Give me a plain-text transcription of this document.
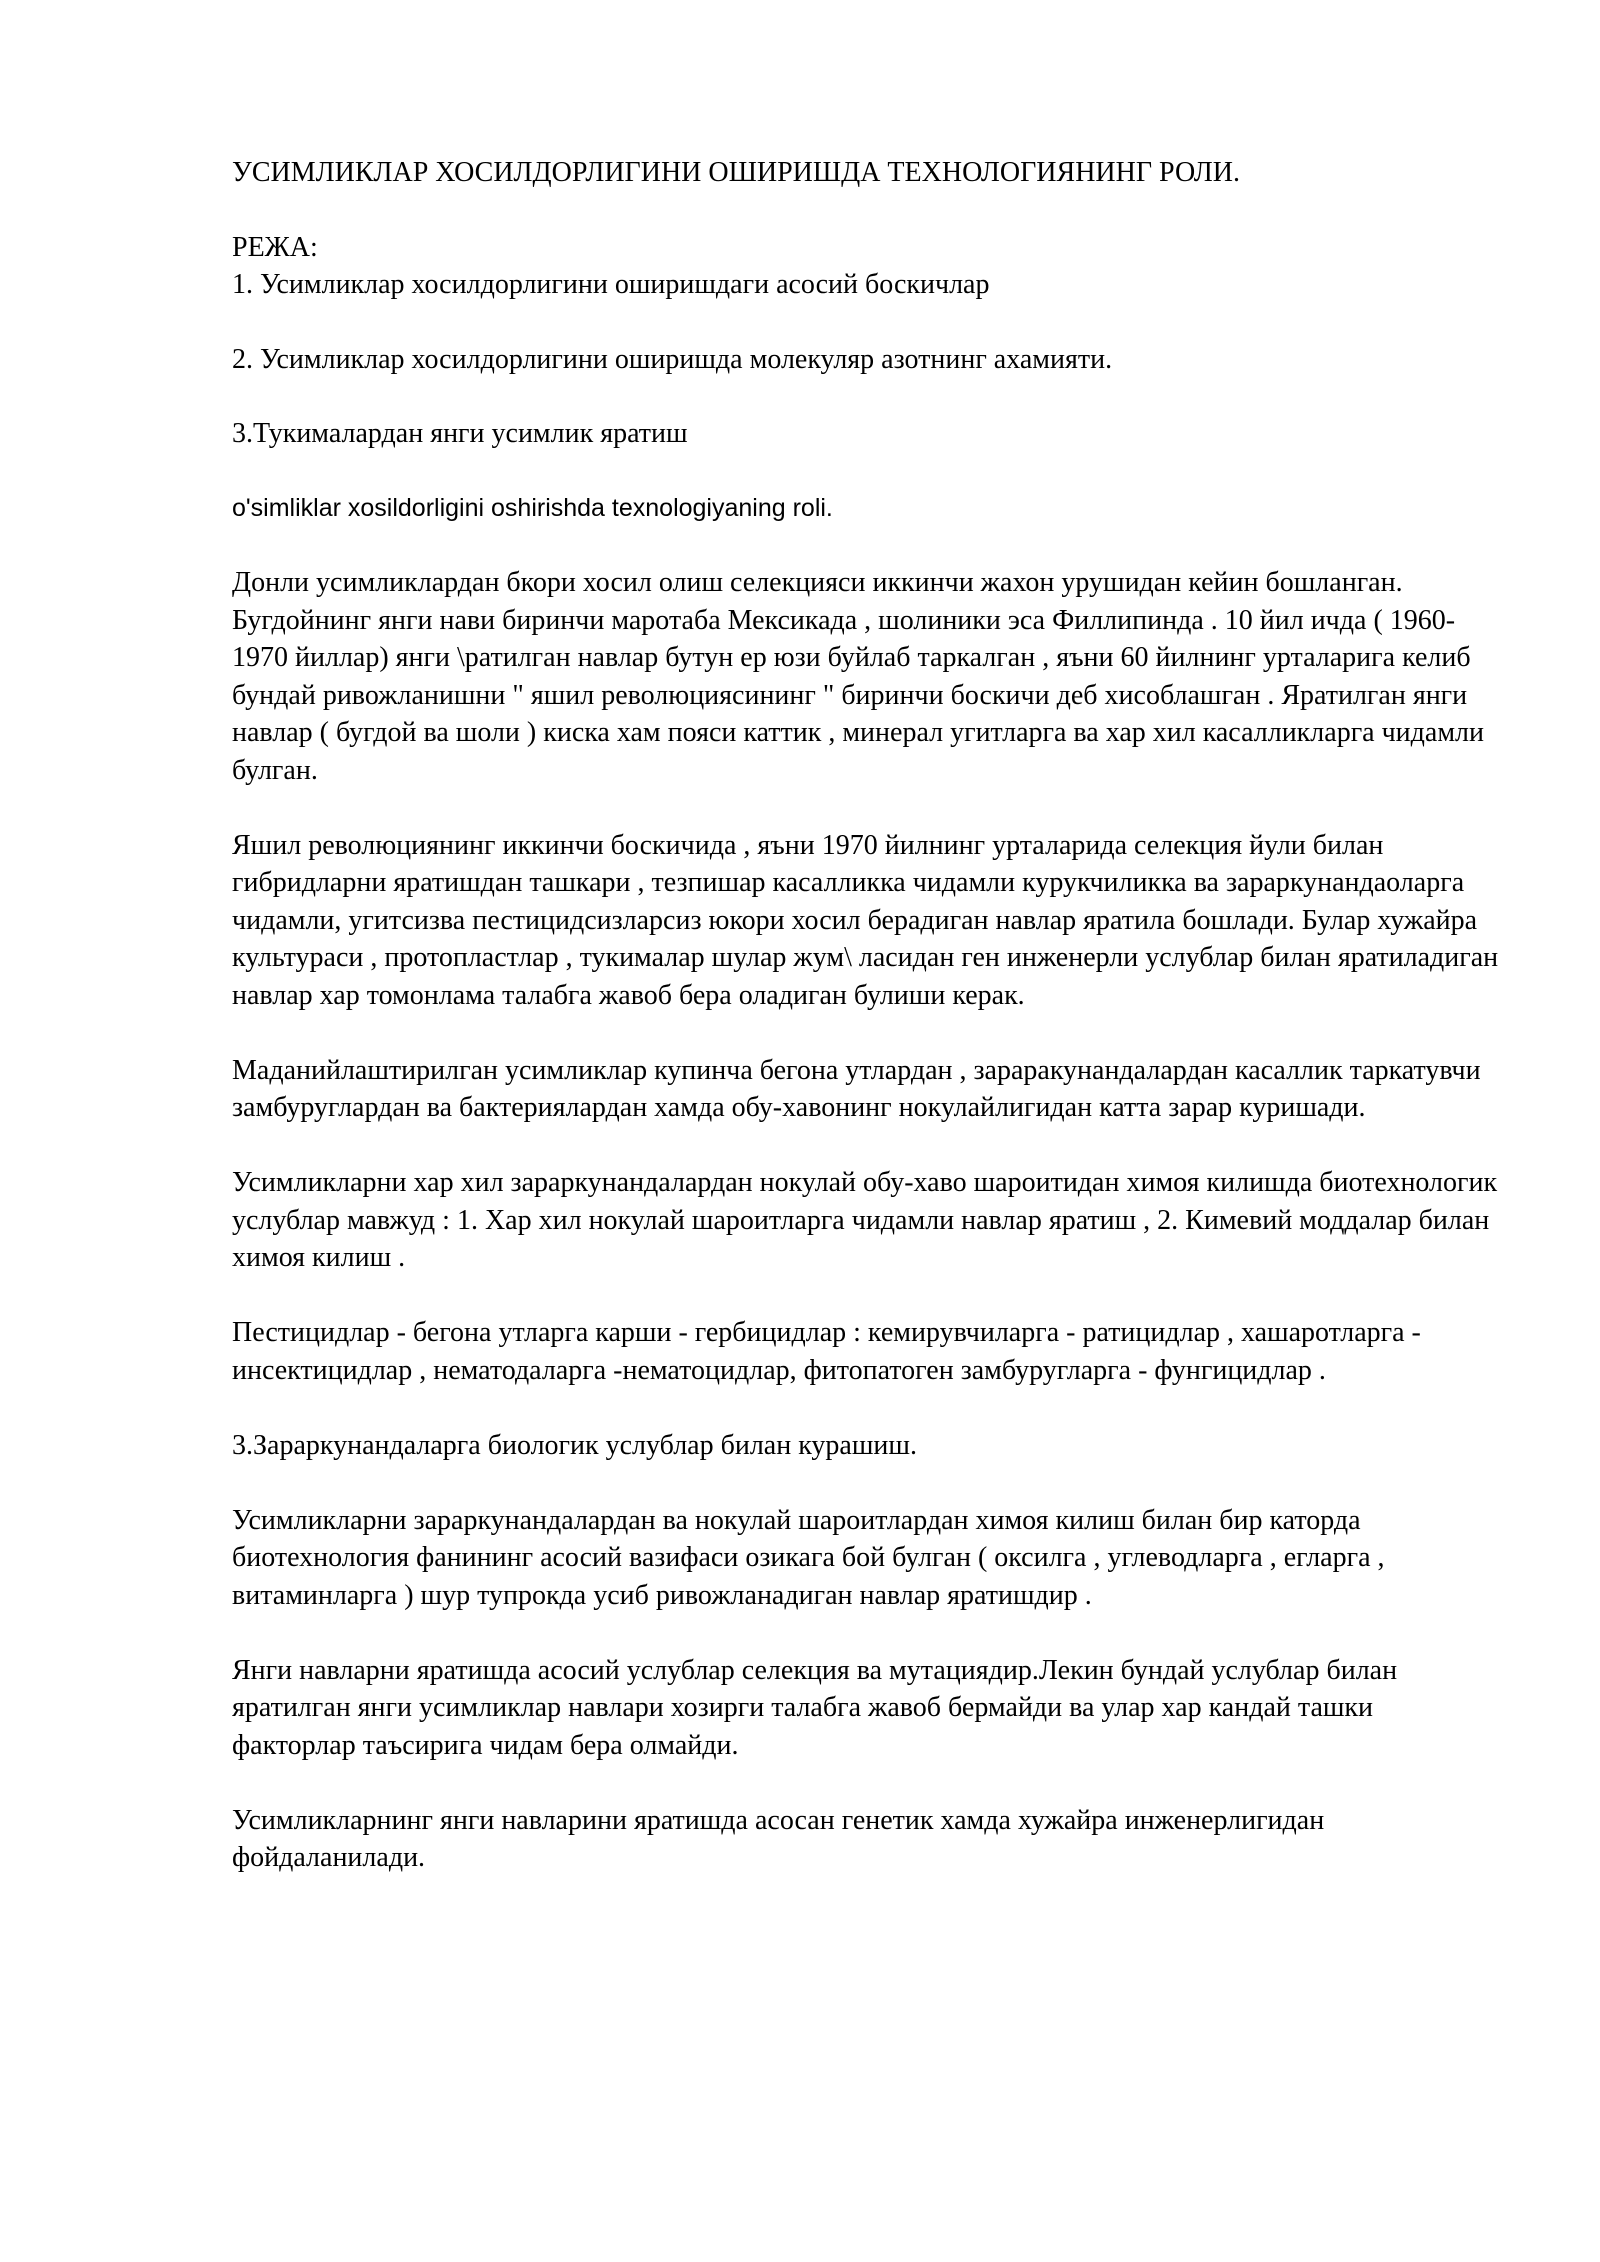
УСИМЛИКЛАР ХОСИЛДОРЛИГИНИ ОШИРИШДА ТЕХНОЛОГИЯНИНГ РОЛИ.

РЕЖА:

1. Усимликлар хосилдорлигини оширишдаги асосий боскичлар

2. Усимликлар хосилдорлигини оширишда молекуляр азотнинг ахамияти.

3.Тукималардан янги усимлик яратиш

o'simliklar xosildorligini oshirishda texnologiyaning roli.

Донли усимликлардан бкори хосил олиш селекцияси иккинчи жахон урушидан кейин бошланган. Бугдойнинг янги нави биринчи маротаба Мексикада , шолиники эса Филлипинда . 10 йил ичда ( 1960-1970 йиллар) янги \ратилган навлар бутун ер юзи буйлаб таркалган , яъни 60 йилнинг урталарига келиб бундай ривожланишни " яшил революциясининг " биринчи боскичи деб хисоблашган . Яратилган янги навлар ( бугдой ва шоли ) киска хам пояси каттик , минерал угитларга ва хар хил касалликларга чидамли булган.

Яшил революциянинг иккинчи боскичида , яъни 1970 йилнинг урталарида селекция йули билан гибридларни яратишдан ташкари , тезпишар касалликка чидамли курукчиликка ва зараркунандаоларга чидамли, угитсизва пестицидсизларсиз юкори хосил берадиган навлар яратила бошлади. Булар хужайра культураси , протопластлар , тукималар шулар жум\ ласидан ген инженерли услублар билан яратиладиган навлар хар томонлама талабга жавоб бера оладиган булиши керак.

Маданийлаштирилган усимликлар купинча бегона утлардан , зараракунандалардан касаллик таркатувчи замбуруглардан ва бактериялардан хамда обу-хавонинг нокулайлигидан катта зарар куришади.

Усимликларни хар хил зараркунандалардан нокулай обу-хаво шароитидан химоя килишда биотехнологик услублар мавжуд : 1. Хар хил нокулай шароитларга чидамли навлар яратиш , 2. Кимевий моддалар билан химоя килиш .

Пестицидлар - бегона утларга карши - гербицидлар : кемирувчиларга - ратицидлар , хашаротларга - инсектицидлар , нематодаларга -нематоцидлар, фитопатоген замбуругларга - фунгицидлар .

3.Зараркунандаларга биологик услублар билан курашиш.

Усимликларни зараркунандалардан ва нокулай шароитлардан химоя килиш билан бир каторда биотехнология фанининг асосий вазифаси озикага бой булган ( оксилга , углеводларга , егларга , витаминларга ) шур тупрокда усиб ривожланадиган навлар яратишдир .

Янги навларни яратишда асосий услублар селекция ва мутациядир.Лекин бундай услублар билан яратилган янги усимликлар навлари хозирги талабга жавоб бермайди ва улар хар кандай ташки факторлар таъсирига чидам бера олмайди.

Усимликларнинг янги навларини яратишда асосан генетик хамда хужайра инженерлигидан фойдаланилади.
